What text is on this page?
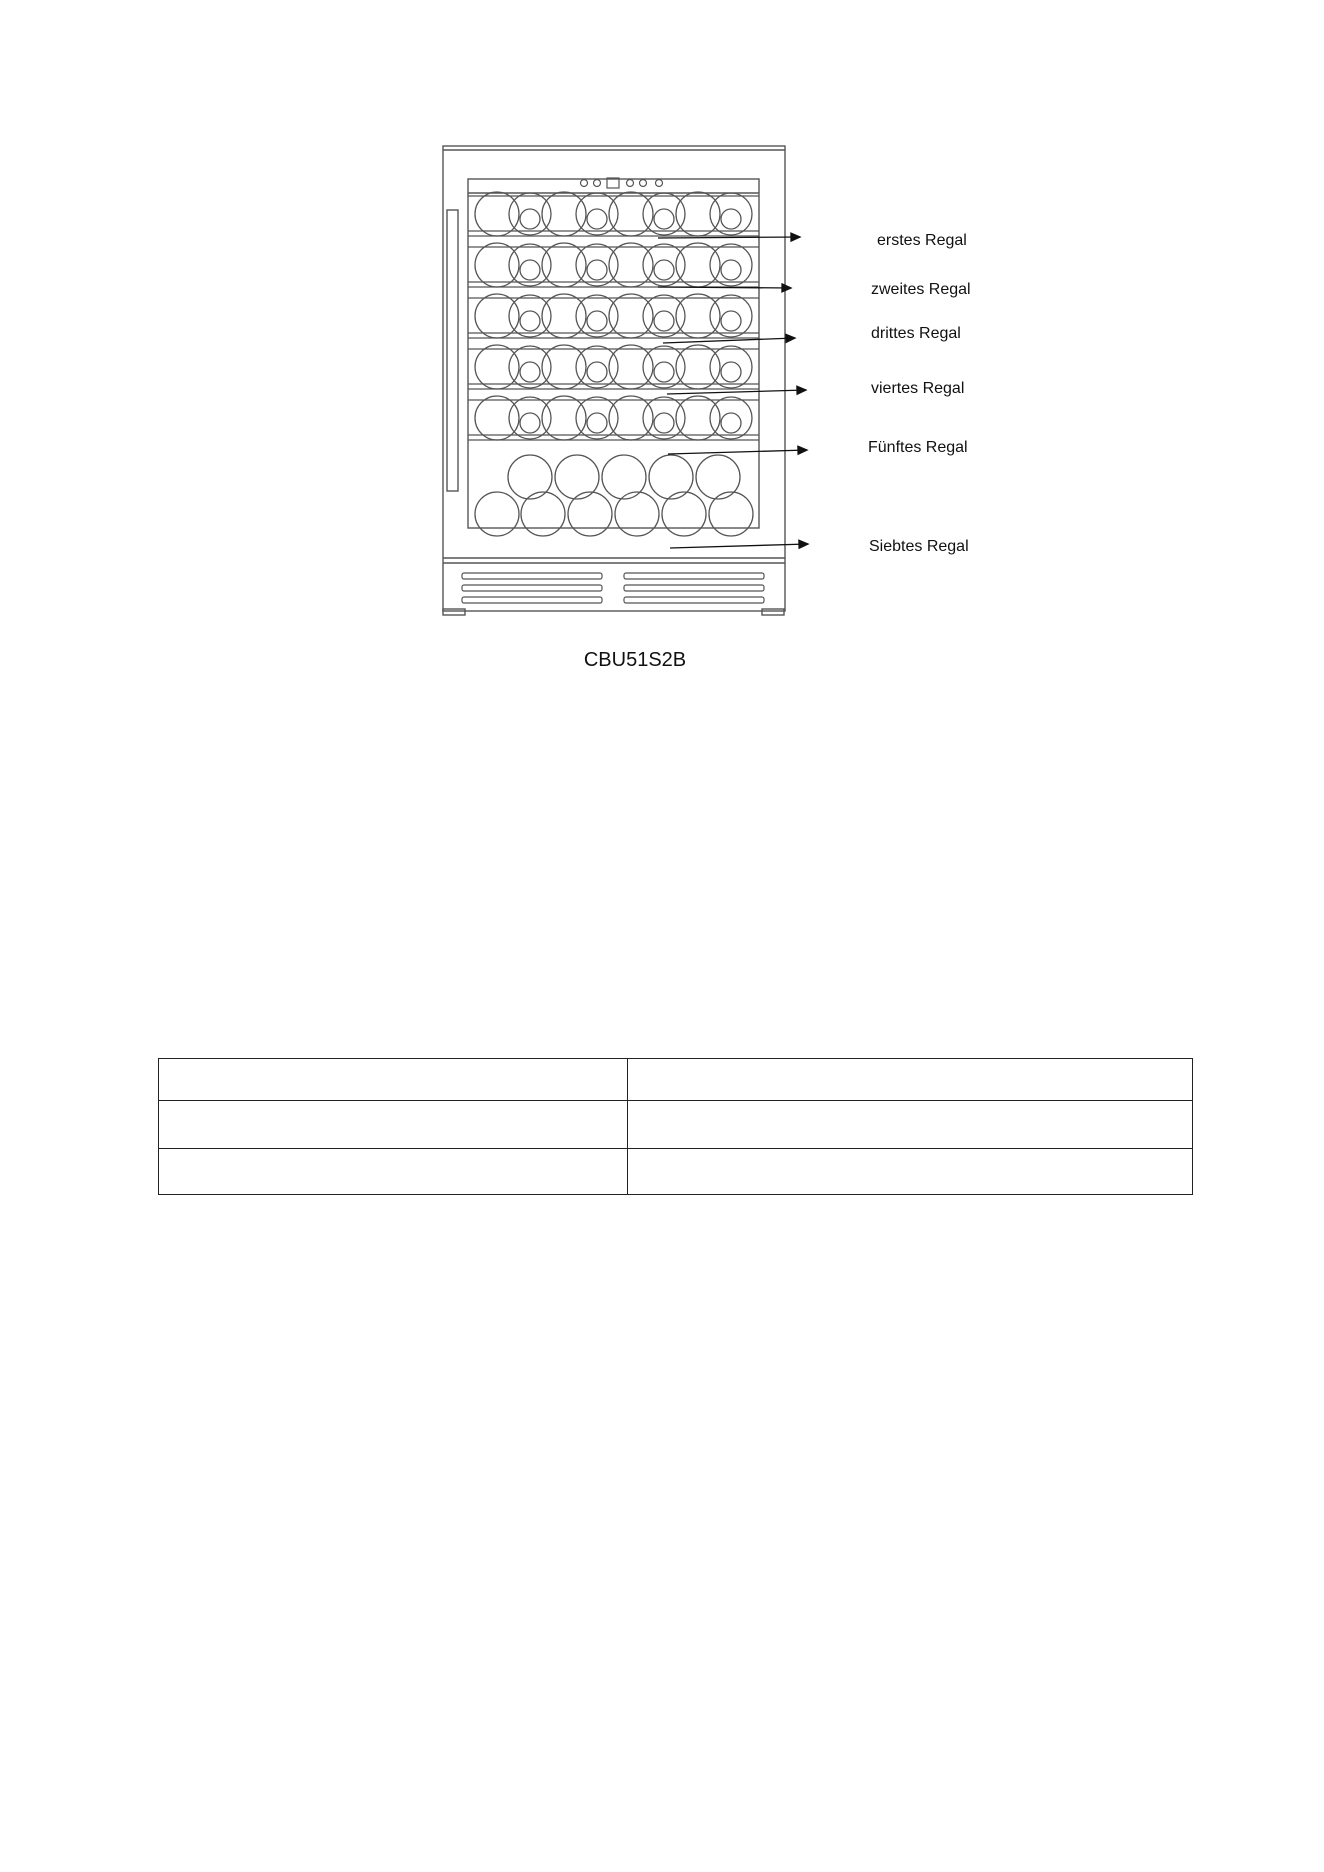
erstes Regal
zweites Regal
drittes Regal
viertes Regal
Fünftes Regal
Siebtes Regal
CBU51S2B
